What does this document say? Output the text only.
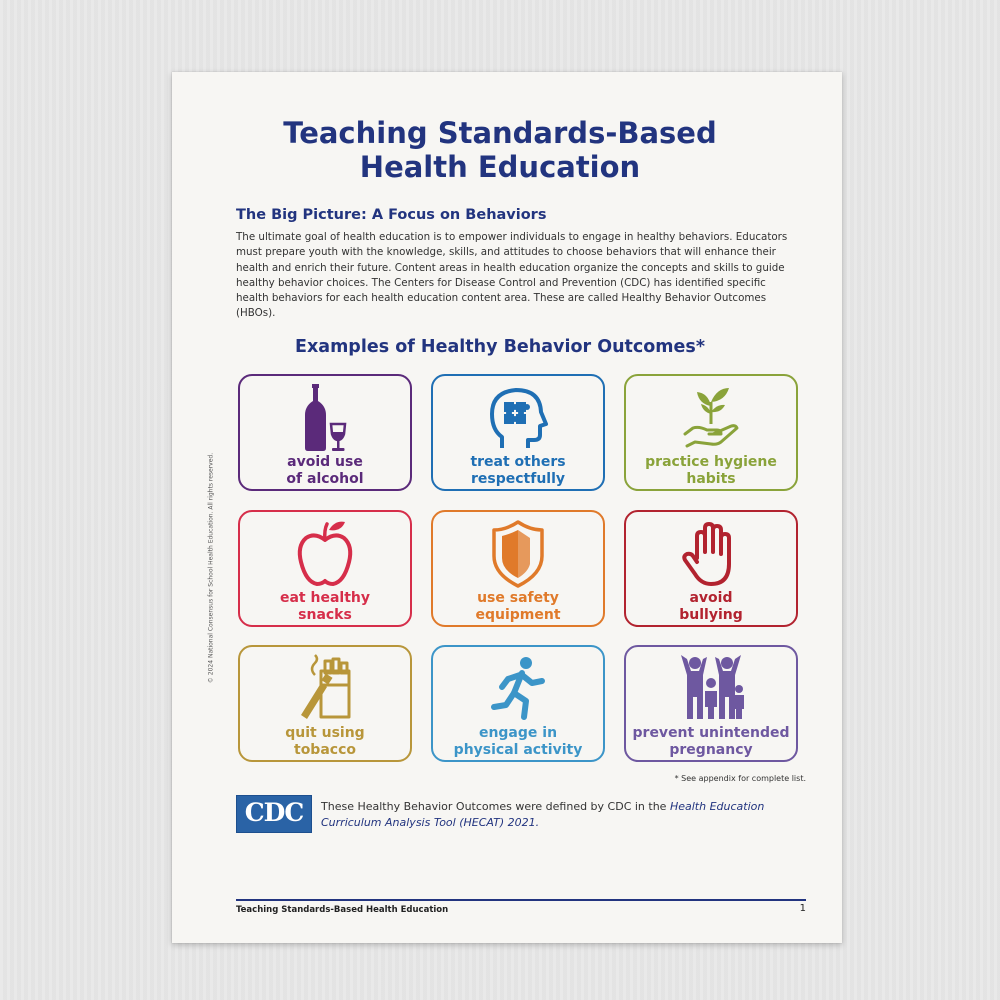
© 2024 National Consensus for School Health Education. All rights reserved.
Teaching Standards-Based
Health Education
The Big Picture: A Focus on Behaviors

The ultimate goal of health education is to empower individuals to engage in healthy behaviors. Educators must prepare youth with the knowledge, skills, and attitudes to choose behaviors that will enhance their health and enrich their future. Content areas in health education organize the concepts and skills to guide healthy behavior choices. The Centers for Disease Control and Prevention (CDC) has identified specific health behaviors for each health education content area. These are called Healthy Behavior Outcomes (HBOs).

Examples of Healthy Behavior Outcomes*
avoid use
of alcohol
treat others
respectfully
practice hygiene
habits
eat healthy
snacks
use safety
equipment
avoid
bullying
quit using
tobacco
engage in
physical activity
prevent unintended
pregnancy
* See appendix for complete list.
CDC	These Healthy Behavior Outcomes were defined by CDC in the Health Education Curriculum Analysis Tool (HECAT) 2021.

Teaching Standards-Based Health Education	1
